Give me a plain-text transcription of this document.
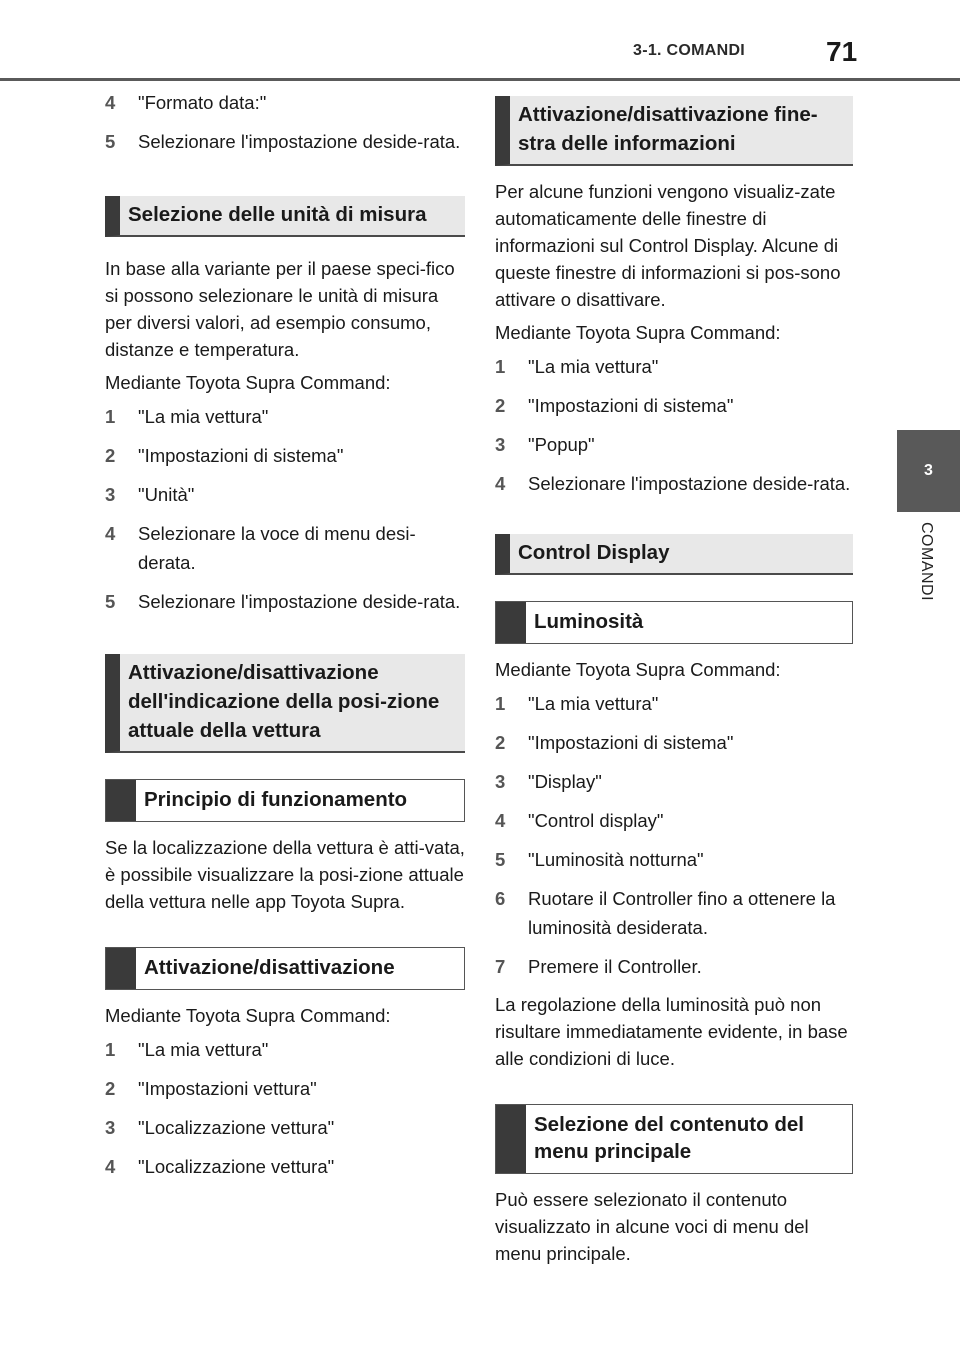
3-1. COMANDI	71
3
COMANDI
4	"Formato data:"
5	Selezionare l'impostazione deside-rata.
Selezione delle unità di misura

In base alla variante per il paese speci-fico si possono selezionare le unità di misura per diversi valori, ad esempio consumo, distanze e temperatura.

Mediante Toyota Supra Command:

1	"La mia vettura"
2	"Impostazioni di sistema"
3	"Unità"
4	Selezionare la voce di menu desi-derata.
5	Selezionare l'impostazione deside-rata.
Attivazione/disattivazione dell'indicazione della posi-zione attuale della vettura
Principio di funzionamento

Se la localizzazione della vettura è atti-vata, è possibile visualizzare la posi-zione attuale della vettura nelle app Toyota Supra.

Attivazione/disattivazione

Mediante Toyota Supra Command:

1	"La mia vettura"
2	"Impostazioni vettura"
3	"Localizzazione vettura"
4	"Localizzazione vettura"
Attivazione/disattivazione fine-stra delle informazioni

Per alcune funzioni vengono visualiz-zate automaticamente delle finestre di informazioni sul Control Display. Alcune di queste finestre di informazioni si pos-sono attivare o disattivare.

Mediante Toyota Supra Command:

1	"La mia vettura"
2	"Impostazioni di sistema"
3	"Popup"
4	Selezionare l'impostazione deside-rata.
Control Display
Luminosità

Mediante Toyota Supra Command:

1	"La mia vettura"
2	"Impostazioni di sistema"
3	"Display"
4	"Control display"
5	"Luminosità notturna"
6	Ruotare il Controller fino a ottenere la luminosità desiderata.
7	Premere il Controller.

La regolazione della luminosità può non risultare immediatamente evidente, in base alle condizioni di luce.

Selezione del contenuto del menu principale

Può essere selezionato il contenuto visualizzato in alcune voci di menu del menu principale.
